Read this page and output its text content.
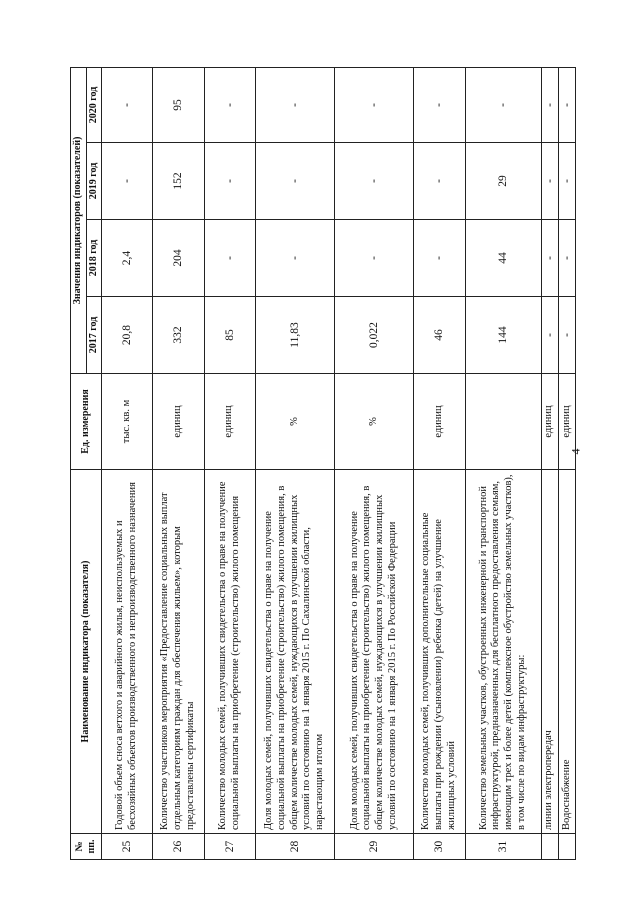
4
№ пп.	Наименование индикатора (показателя)	Ед. измерения	Значения индикаторов (показателей)			
			2017 год	2018 год	2019 год	2020 год
25	Годовой объем сноса ветхого и аварийного жилья, неиспользуемых и бесхозяйных объектов производственного и непроизводственного назначения	тыс. кв. м	20,8	2,4	-	-
26	Количество участников мероприятия «Предоставление социальных выплат отдельным категориям граждан для обеспечения жильем», которым предоставлены сертификаты	единиц	332	204	152	95
27	Количество молодых семей, получивших свидетельства о праве на получение социальной выплаты на приобретение (строительство) жилого помещения	единиц	85	-	-	-
28	Доля молодых семей, получивших свидетельства о праве на получение социальной выплаты на приобретение (строительство) жилого помещения, в общем количестве молодых семей, нуждающихся в улучшении жилищных условий по состоянию на 1 января 2015 г. По Сахалинской области, нарастающим итогом	%	11,83	-	-	-
29	Доля молодых семей, получивших свидетельства о праве на получение социальной выплаты на приобретение (строительство) жилого помещения, в общем количестве молодых семей, нуждающихся в улучшении жилищных условий по состоянию на 1 января 2015 г. По Российской Федерации	%	0,022	-	-	-
30	Количество молодых семей, получивших дополнительные социальные выплаты при рождении (усыновлении) ребенка (детей) на улучшение жилищных условий	единиц	46	-	-	-
31	Количество земельных участков, обустроенных инженерной и транспортной инфраструктурой, предназначенных для бесплатного предоставления семьям, имеющим трех и более детей (комплексное обустройство земельных участков), в том числе по видам инфраструктуры:		144	44	29	-
	линии электропередач	единиц	-	-	-	-
	Водоснабжение	единиц	-	-	-	-
